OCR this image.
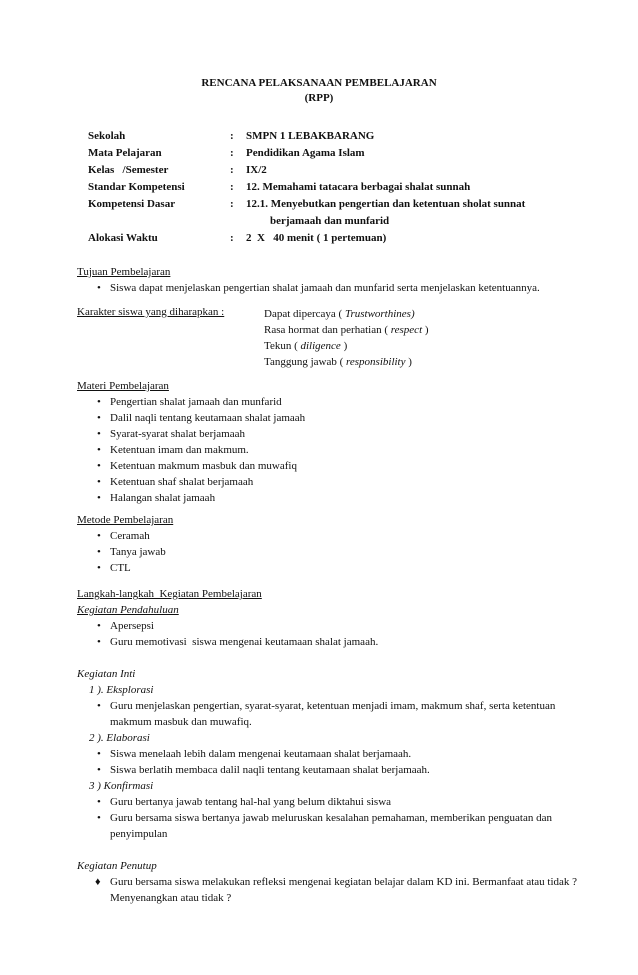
RENCANA PELAKSANAAN PEMBELAJARAN
(RPP)
Sekolah	: SMPN 1 LEBAKBARANG
Mata Pelajaran	: Pendidikan Agama Islam
Kelas   /Semester	: IX/2
Standar Kompetensi	: 12. Memahami tatacara berbagai shalat sunnah
Kompetensi Dasar	: 12.1. Menyebutkan pengertian dan ketentuan sholat sunnat
berjamaah dan munfarid
Alokasi Waktu	: 2  X   40 menit ( 1 pertemuan)
Tujuan Pembelajaran
• Siswa dapat menjelaskan pengertian shalat jamaah dan munfarid serta menjelaskan ketentuannya.
Karakter siswa yang diharapkan :	Dapat dipercaya ( Trustworthines)
Rasa hormat dan perhatian ( respect )
Tekun ( diligence )
Tanggung jawab ( responsibility )
Materi Pembelajaran
• Pengertian shalat jamaah dan munfarid
• Dalil naqli tentang keutamaan shalat jamaah
• Syarat-syarat shalat berjamaah
• Ketentuan imam dan makmum.
• Ketentuan makmum masbuk dan muwafiq
• Ketentuan shaf shalat berjamaah
• Halangan shalat jamaah
Metode Pembelajaran
• Ceramah
• Tanya jawab
• CTL
Langkah-langkah  Kegiatan Pembelajaran
Kegiatan Pendahuluan
• Apersepsi
• Guru memotivasi  siswa mengenai keutamaan shalat jamaah.
Kegiatan Inti
1 ). Eksplorasi
• Guru menjelaskan pengertian, syarat-syarat, ketentuan menjadi imam, makmum shaf, serta ketentuan makmum masbuk dan muwafiq.
2 ). Elaborasi
• Siswa menelaah lebih dalam mengenai keutamaan shalat berjamaah.
• Siswa berlatih membaca dalil naqli tentang keutamaan shalat berjamaah.
3 ) Konfirmasi
• Guru bertanya jawab tentang hal-hal yang belum diktahui siswa
• Guru bersama siswa bertanya jawab meluruskan kesalahan pemahaman, memberikan penguatan dan penyimpulan
Kegiatan Penutup
♦ Guru bersama siswa melakukan refleksi mengenai kegiatan belajar dalam KD ini. Bermanfaat atau tidak ? Menyenangkan atau tidak ?
